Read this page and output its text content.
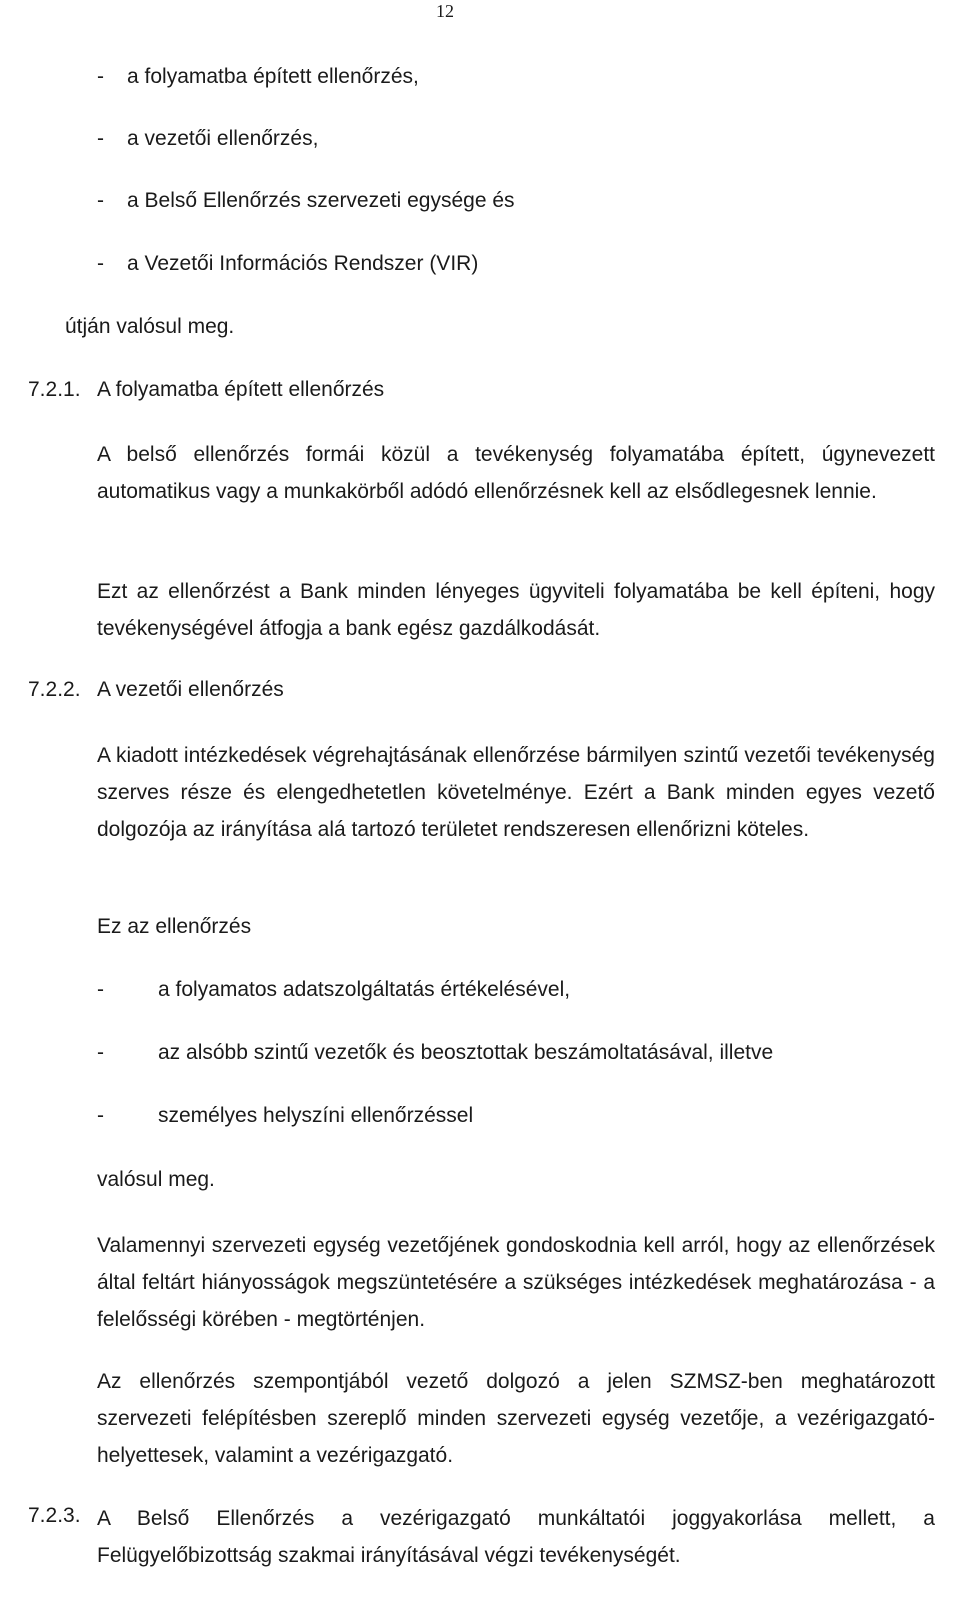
12
- a folyamatba épített ellenőrzés,
- a vezetői ellenőrzés,
- a Belső Ellenőrzés szervezeti egysége és
- a Vezetői Információs Rendszer (VIR)
útján valósul meg.
7.2.1. A folyamatba épített ellenőrzés
A belső ellenőrzés formái közül a tevékenység folyamatába épített, úgynevezett automatikus vagy a munkakörből adódó ellenőrzésnek kell az elsődlegesnek lennie.
Ezt az ellenőrzést a Bank minden lényeges ügyviteli folyamatába be kell építeni, hogy tevékenységével átfogja a bank egész gazdálkodását.
7.2.2. A vezetői ellenőrzés
A kiadott intézkedések végrehajtásának ellenőrzése bármilyen szintű vezetői tevékenység szerves része és elengedhetetlen követelménye. Ezért a Bank minden egyes vezető dolgozója az irányítása alá tartozó területet rendszeresen ellenőrizni köteles.
Ez az ellenőrzés
-	a folyamatos adatszolgáltatás értékelésével,
-	az alsóbb szintű vezetők és beosztottak beszámoltatásával, illetve
-	személyes helyszíni ellenőrzéssel
valósul meg.
Valamennyi szervezeti egység vezetőjének gondoskodnia kell arról, hogy az ellenőrzések által feltárt hiányosságok megszüntetésére a szükséges intézkedések meghatározása - a felelősségi körében - megtörténjen.
Az ellenőrzés szempontjából vezető dolgozó a jelen SZMSZ-ben meghatározott szervezeti felépítésben szereplő minden szervezeti egység vezetője, a vezérigazgató-helyettesek, valamint a vezérigazgató.
7.2.3. A Belső Ellenőrzés a vezérigazgató munkáltatói joggyakorlása mellett, a Felügyelőbizottság szakmai irányításával végzi tevékenységét.
